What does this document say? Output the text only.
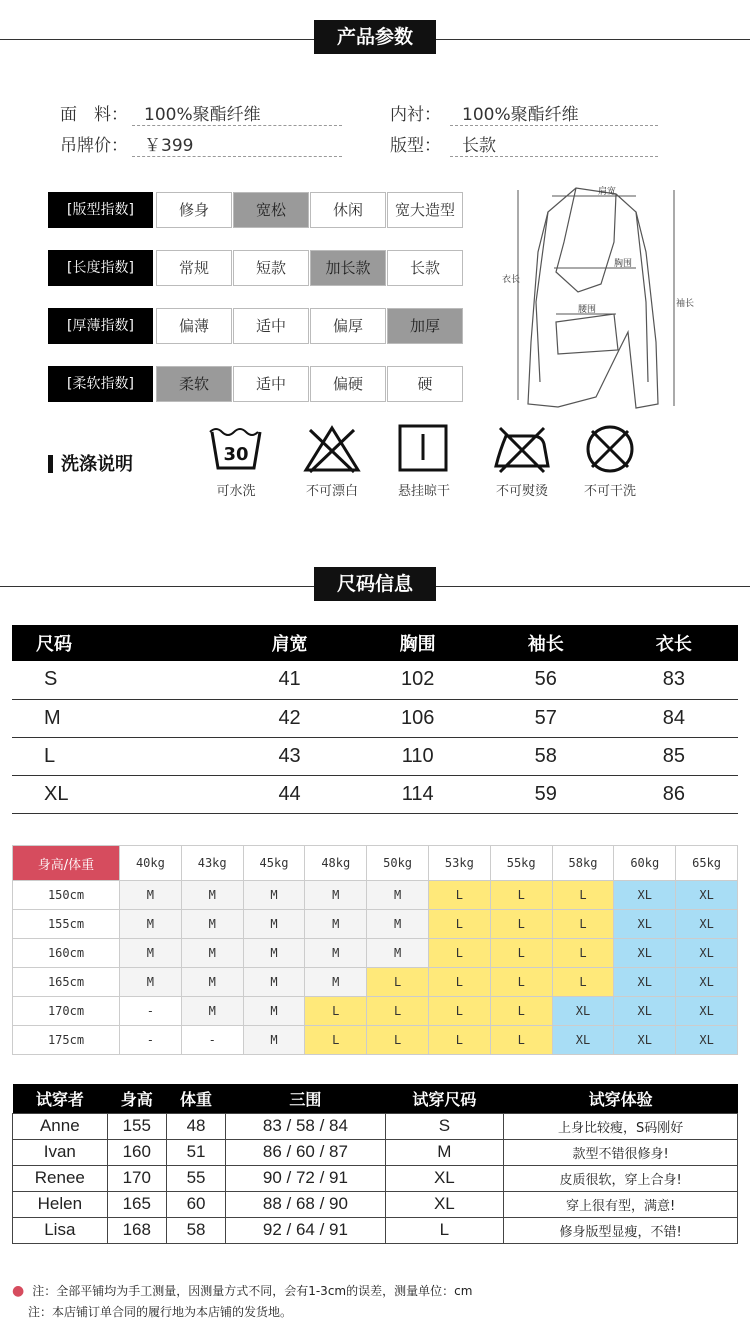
产品参数
面　料： 100%聚酯纤维	内衬：	100%聚酯纤维
吊牌价： ￥399	版型：	长款
[版型指数]	修身	宽松	休闲	宽大造型
[长度指数]	常规	短款	加长款	长款
[厚薄指数]	偏薄	适中	偏厚	加厚
[柔软指数]	柔软	适中	偏硬	硬
肩宽
胸围
腰围
衣长
袖长
洗涤说明	30
可水洗	不可漂白	悬挂晾干	不可熨烫	不可干洗
尺码信息
尺码	肩宽	胸围	袖长	衣长
S	41	102	56	83
M	42	106	57	84
L	43	110	58	85
XL	44	114	59	86
身高/体重	40kg	43kg	45kg	48kg	50kg	53kg	55kg	58kg	60kg	65kg
150cm	M	M	M	M	M	L	L	L	XL	XL
155cm	M	M	M	M	M	L	L	L	XL	XL
160cm	M	M	M	M	M	L	L	L	XL	XL
165cm	M	M	M	M	L	L	L	L	XL	XL
170cm	-	M	M	L	L	L	L	XL	XL	XL
175cm	-	-	M	L	L	L	L	XL	XL	XL
试穿者	身高	体重	三围	试穿尺码	试穿体验
Anne	155	48	83 / 58 / 84	S	上身比较瘦，S码刚好
Ivan	160	51	86 / 60 / 87	M	款型不错很修身!
Renee	170	55	90 / 72 / 91	XL	皮质很软，穿上合身!
Helen	165	60	88 / 68 / 90	XL	穿上很有型，满意!
Lisa	168	58	92 / 64 / 91	L	修身版型显瘦，不错!
● 注：全部平铺均为手工测量，因测量方式不同，会有1-3cm的误差，测量单位：cm
注：本店铺订单合同的履行地为本店铺的发货地。
